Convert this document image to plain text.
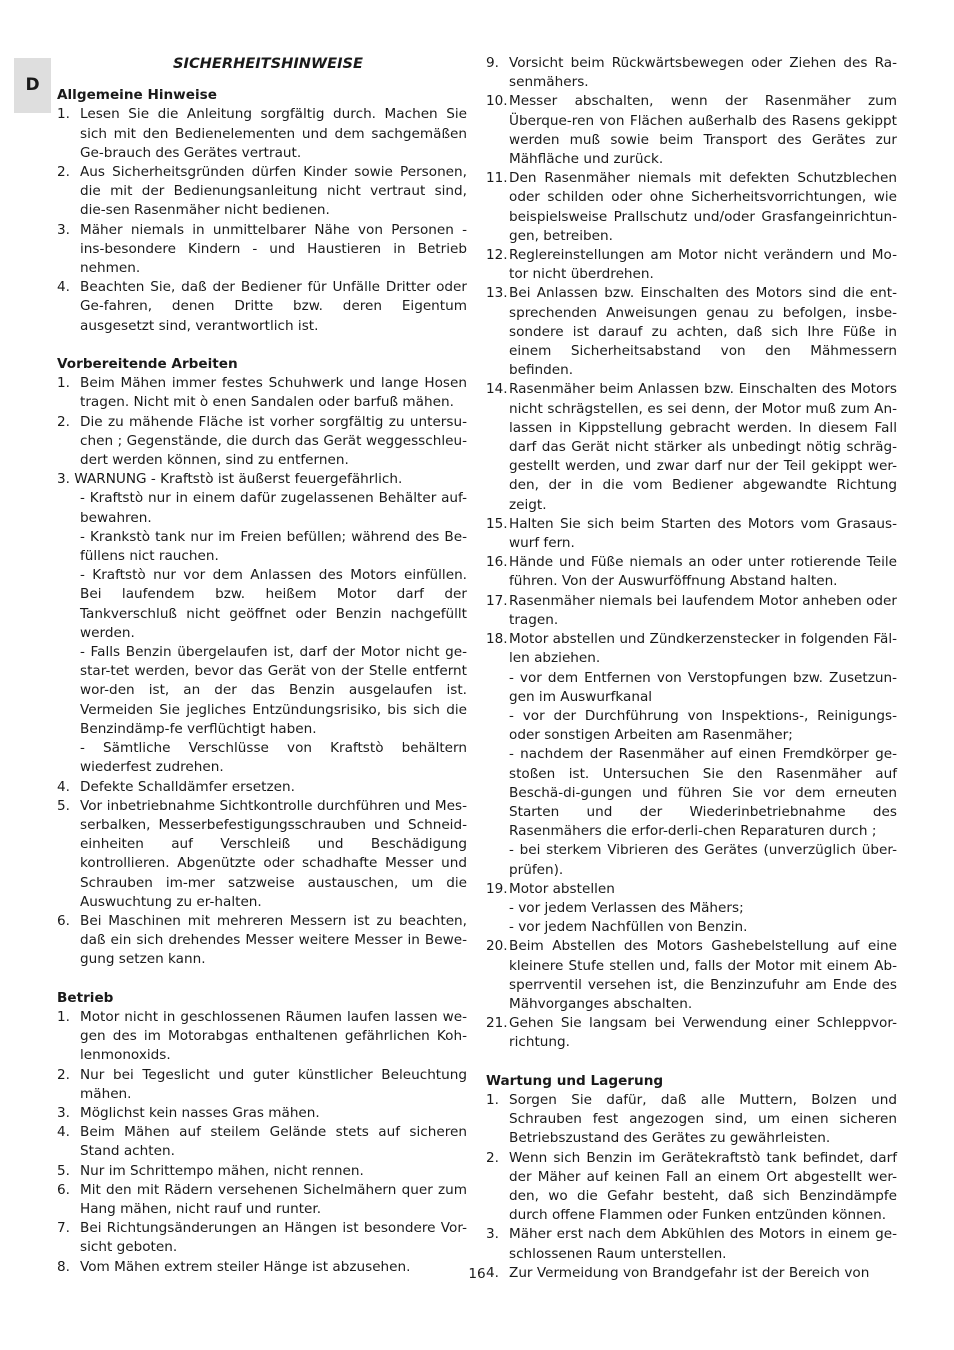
D

SICHERHEITSHINWEISE

Allgemeine Hinweise

1. Lesen Sie die Anleitung sorgfältig durch. Machen Sie sich mit den Bedienelementen und dem sachgemäßen Ge-brauch des Gerätes vertraut.
2. Aus Sicherheitsgründen dürfen Kinder sowie Personen, die mit der Bedienungsanleitung nicht vertraut sind, die-sen Rasenmäher nicht bedienen.
3. Mäher niemals in unmittelbarer Nähe von Personen - ins-besondere Kindern - und Haustieren in Betrieb nehmen.
4. Beachten Sie, daß der Bediener für Unfälle Dritter oder Ge-fahren, denen Dritte bzw. deren Eigentum ausgesetzt sind, verantwortlich ist.

Vorbereitende Arbeiten

1. Beim Mähen immer festes Schuhwerk und lange Hosen tragen. Nicht mit ò enen Sandalen oder barfuß mähen.
2. Die zu mähende Fläche ist vorher sorgfältig zu untersu-chen ; Gegenstände, die durch das Gerät weggesschleu-dert werden können, sind zu entfernen.
3. WARNUNG - Kraftstò ist äußerst feuergefährlich.
- Kraftstò nur in einem dafür zugelassenen Behälter auf-bewahren.
- Krankstò tank nur im Freien befüllen; während des Be-füllens nict rauchen.
- Kraftstò nur vor dem Anlassen des Motors einfüllen. Bei laufendem bzw. heißem Motor darf der Tankverschluß nicht geöffnet oder Benzin nachgefüllt werden.
- Falls Benzin übergelaufen ist, darf der Motor nicht ge-star-tet werden, bevor das Gerät von der Stelle entfernt wor-den ist, an der das Benzin ausgelaufen ist. Vermeiden Sie jegliches Entzündungsrisiko, bis sich die Benzindämp-fe verflüchtigt haben.
- Sämtliche Verschlüsse von Kraftstò behältern wiederfest zudrehen.
4. Defekte Schalldämfer ersetzen.
5. Vor inbetriebnahme Sichtkontrolle durchführen und Mes-serbalken, Messerbefestigungsschrauben und Schneid-einheiten auf Verschleiß und Beschädigung kontrollieren. Abgenützte oder schadhafte Messer und Schrauben im-mer satzweise austauschen, um die Auswuchtung zu er-halten.
6. Bei Maschinen mit mehreren Messern ist zu beachten, daß ein sich drehendes Messer weitere Messer in Bewe-gung setzen kann.

Betrieb

1. Motor nicht in geschlossenen Räumen laufen lassen we-gen des im Motorabgas enthaltenen gefährlichen Koh-lenmonoxids.
2. Nur bei Tegeslicht und guter künstlicher Beleuchtung mähen.
3. Möglichst kein nasses Gras mähen.
4. Beim Mähen auf steilem Gelände stets auf sicheren Stand achten.
5. Nur im Schrittempo mähen, nicht rennen.
6. Mit den mit Rädern versehenen Sichelmähern quer zum Hang mähen, nicht rauf und runter.
7. Bei Richtungsänderungen an Hängen ist besondere Vor-sicht geboten.
8. Vom Mähen extrem steiler Hänge ist abzusehen.
9. Vorsicht beim Rückwärtsbewegen oder Ziehen des Ra-senmähers.
10. Messer abschalten, wenn der Rasenmäher zum Überque-ren von Flächen außerhalb des Rasens gekippt werden muß sowie beim Transport des Gerätes zur Mähfläche und zurück.
11. Den Rasenmäher niemals mit defekten Schutzblechen oder schilden oder ohne Sicherheitsvorrichtungen, wie beispielsweise Prallschutz und/oder Grasfangeinrichtun-gen, betreiben.
12. Reglereinstellungen am Motor nicht verändern und Mo-tor nicht überdrehen.
13. Bei Anlassen bzw. Einschalten des Motors sind die ent-sprechenden Anweisungen genau zu befolgen, insbe-sondere ist darauf zu achten, daß sich Ihre Füße in einem Sicherheitsabstand von den Mähmessern befinden.
14. Rasenmäher beim Anlassen bzw. Einschalten des Motors nicht schrägstellen, es sei denn, der Motor muß zum An-lassen in Kippstellung gebracht werden. In diesem Fall darf das Gerät nicht stärker als unbedingt nötig schräg-gestellt werden, und zwar darf nur der Teil gekippt wer-den, der in die vom Bediener abgewandte Richtung zeigt.
15. Halten Sie sich beim Starten des Motors vom Grasaus-wurf fern.
16. Hände und Füße niemals an oder unter rotierende Teile führen. Von der Auswurföffnung Abstand halten.
17. Rasenmäher niemals bei laufendem Motor anheben oder tragen.
18. Motor abstellen und Zündkerzenstecker in folgenden Fäl-len abziehen.
- vor dem Entfernen von Verstopfungen bzw. Zusetzun-gen im Auswurfkanal
- vor der Durchführung von Inspektions-, Reinigungs-oder sonstigen Arbeiten am Rasenmäher;
- nachdem der Rasenmäher auf einen Fremdkörper ge-stoßen ist. Untersuchen Sie den Rasenmäher auf Beschä-di-gungen und führen Sie vor dem erneuten Starten und der Wiederinbetriebnahme des Rasenmähers die erfor-derli-chen Reparaturen durch ;
- bei sterkem Vibrieren des Gerätes (unverzüglich über-prüfen).
19. Motor abstellen
- vor jedem Verlassen des Mähers;
- vor jedem Nachfüllen von Benzin.
20. Beim Abstellen des Motors Gashebelstellung auf eine kleinere Stufe stellen und, falls der Motor mit einem Ab-sperrventil versehen ist, die Benzinzufuhr am Ende des Mähvorganges abschalten.
21. Gehen Sie langsam bei Verwendung einer Schleppvor-richtung.

Wartung und Lagerung

1. Sorgen Sie dafür, daß alle Muttern, Bolzen und Schrauben fest angezogen sind, um einen sicheren Betriebszustand des Gerätes zu gewährleisten.
2. Wenn sich Benzin im Gerätekraftstò tank befindet, darf der Mäher auf keinen Fall an einem Ort abgestellt wer-den, wo die Gefahr besteht, daß sich Benzindämpfe durch offene Flammen oder Funken entzünden können.
3. Mäher erst nach dem Abkühlen des Motors in einem ge-schlossenen Raum unterstellen.
4. Zur Vermeidung von Brandgefahr ist der Bereich von
16
